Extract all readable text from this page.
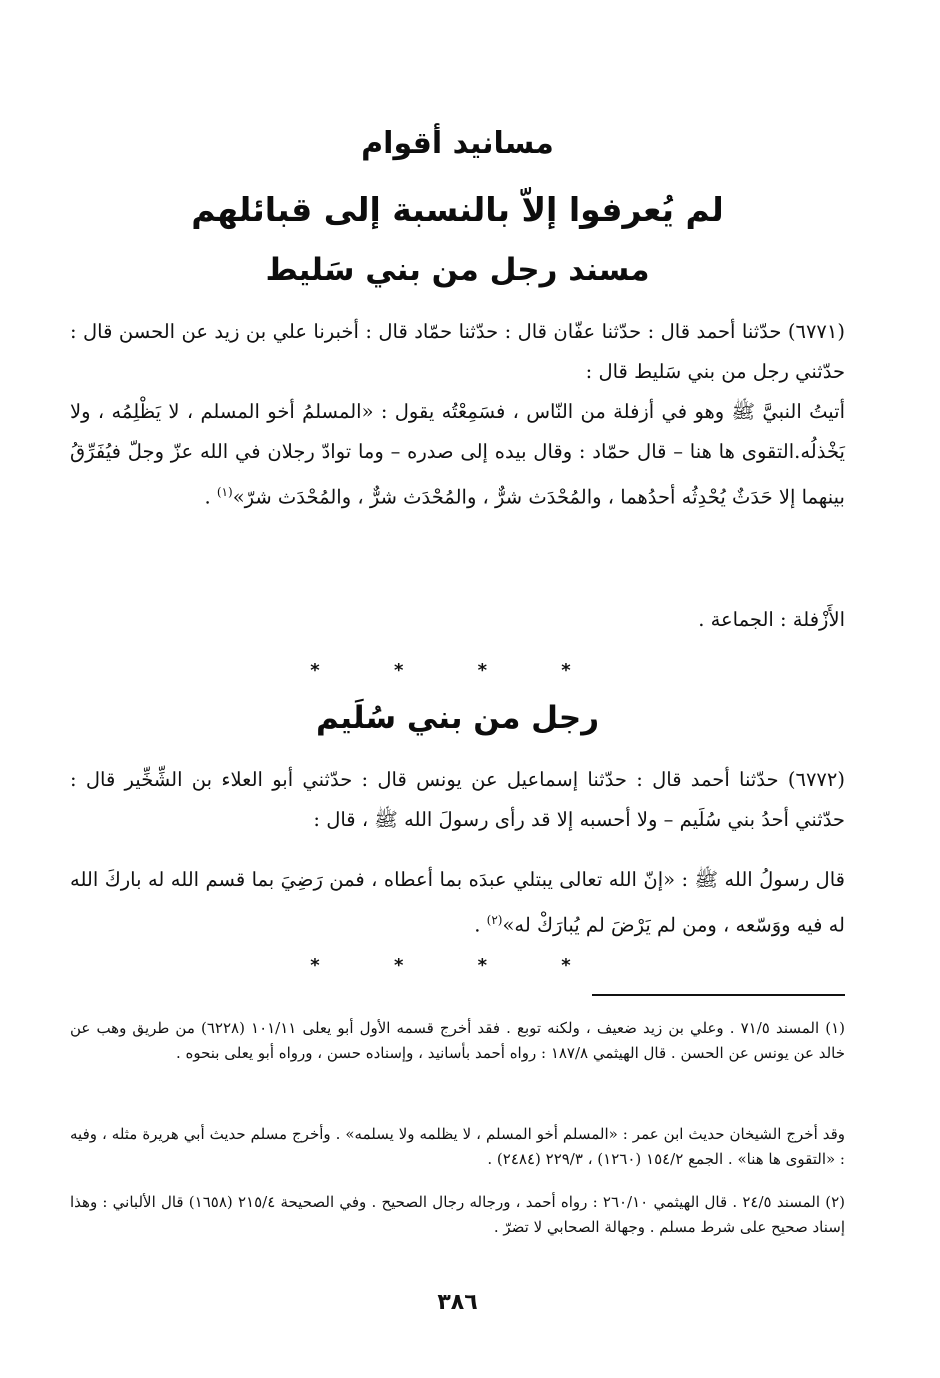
مسانيد أقوام
لم يُعرفوا إلاّ بالنسبة إلى قبائلهم
مسند رجل من بني سَليط
(٦٧٧١) حدّثنا أحمد قال : حدّثنا عفّان قال : حدّثنا حمّاد قال : أخبرنا علي بن زيد عن الحسن قال : حدّثني رجل من بني سَليط قال :
أتيتُ النبيَّ ﷺ وهو في أزفلة من النّاس ، فسَمِعْتُه يقول : «المسلمُ أخو المسلم ، لا يَظْلِمُه ، ولا يَخْذلُه.التقوى ها هنا – قال حمّاد : وقال بيده إلى صدره – وما توادّ رجلان في الله عزّ وجلّ فيُفَرِّقُ بينهما إلا حَدَثٌ يُحْدِثُه أحدُهما ، والمُحْدَث شرٌّ ، والمُحْدَث شرٌّ ، والمُحْدَث شرّ»$^{(١)}$ .
الأَزْفلة : الجماعة .
* * * *
رجل من بني سُلَيم
(٦٧٧٢) حدّثنا أحمد قال : حدّثنا إسماعيل عن يونس قال : حدّثني أبو العلاء بن الشِّخِّير قال : حدّثني أحدُ بني سُلَيم – ولا أحسبه إلا قد رأى رسولَ الله ﷺ ، قال :
قال رسولُ الله ﷺ : «إنّ الله تعالى يبتلي عبدَه بما أعطاه ، فمن رَضِيَ بما قسم الله له باركَ الله له فيه ووَسّعه ، ومن لم يَرْضَ لم يُبارَكْ له»$^{(٢)}$ .
* * * *
(١) المسند ٧١/٥ . وعلي بن زيد ضعيف ، ولكنه توبع . فقد أخرج قسمه الأول أبو يعلى ١٠١/١١ (٦٢٢٨) من طريق وهب عن خالد عن يونس عن الحسن . قال الهيثمي ١٨٧/٨ : رواه أحمد بأسانيد ، وإسناده حسن ، ورواه أبو يعلى بنحوه .
وقد أخرج الشيخان حديث ابن عمر : «المسلم أخو المسلم ، لا يظلمه ولا يسلمه» . وأخرج مسلم حديث أبي هريرة مثله ، وفيه : «التقوى ها هنا» . الجمع ١٥٤/٢ (١٢٦٠) ، ٢٢٩/٣ (٢٤٨٤) .
(٢) المسند ٢٤/٥ . قال الهيثمي ٢٦٠/١٠ : رواه أحمد ، ورجاله رجال الصحيح . وفي الصحيحة ٢١٥/٤ (١٦٥٨) قال الألباني : وهذا إسناد صحيح على شرط مسلم . وجهالة الصحابي لا تضرّ .
٣٨٦
